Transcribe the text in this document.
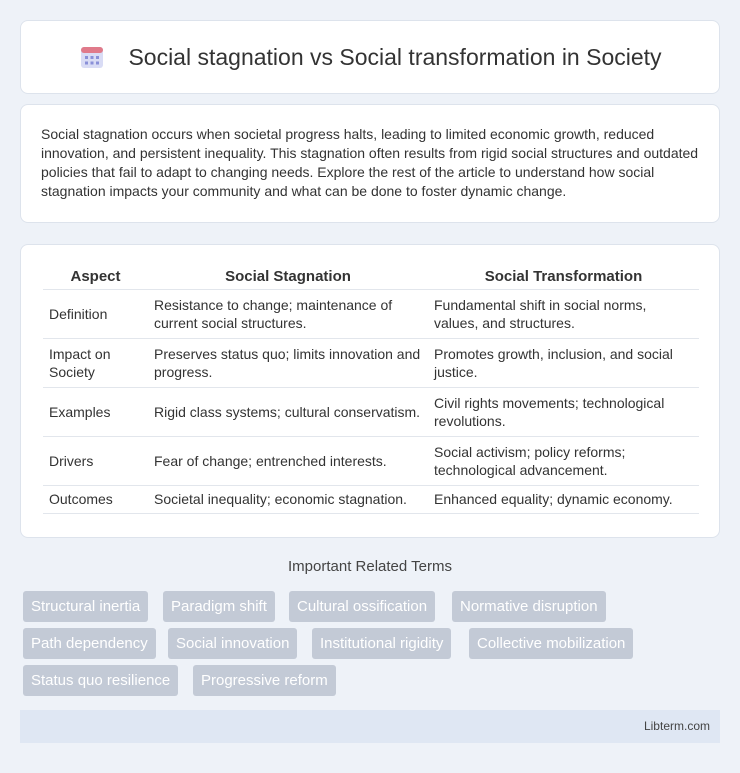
Social stagnation vs Social transformation in Society

Social stagnation occurs when societal progress halts, leading to limited economic growth, reduced innovation, and persistent inequality. This stagnation often results from rigid social structures and outdated policies that fail to adapt to changing needs. Explore the rest of the article to understand how social stagnation impacts your community and what can be done to foster dynamic change.

Aspect	Social Stagnation	Social Transformation
Definition	Resistance to change; maintenance of current social structures.	Fundamental shift in social norms, values, and structures.
Impact on Society	Preserves status quo; limits innovation and progress.	Promotes growth, inclusion, and social justice.
Examples	Rigid class systems; cultural conservatism.	Civil rights movements; technological revolutions.
Drivers	Fear of change; entrenched interests.	Social activism; policy reforms; technological advancement.
Outcomes	Societal inequality; economic stagnation.	Enhanced equality; dynamic economy.
Important Related Terms
Structural inertia	Paradigm shift	Cultural ossification	Normative disruption
Path dependency	Social innovation	Institutional rigidity	Collective mobilization
Status quo resilience	Progressive reform
Libterm.com
